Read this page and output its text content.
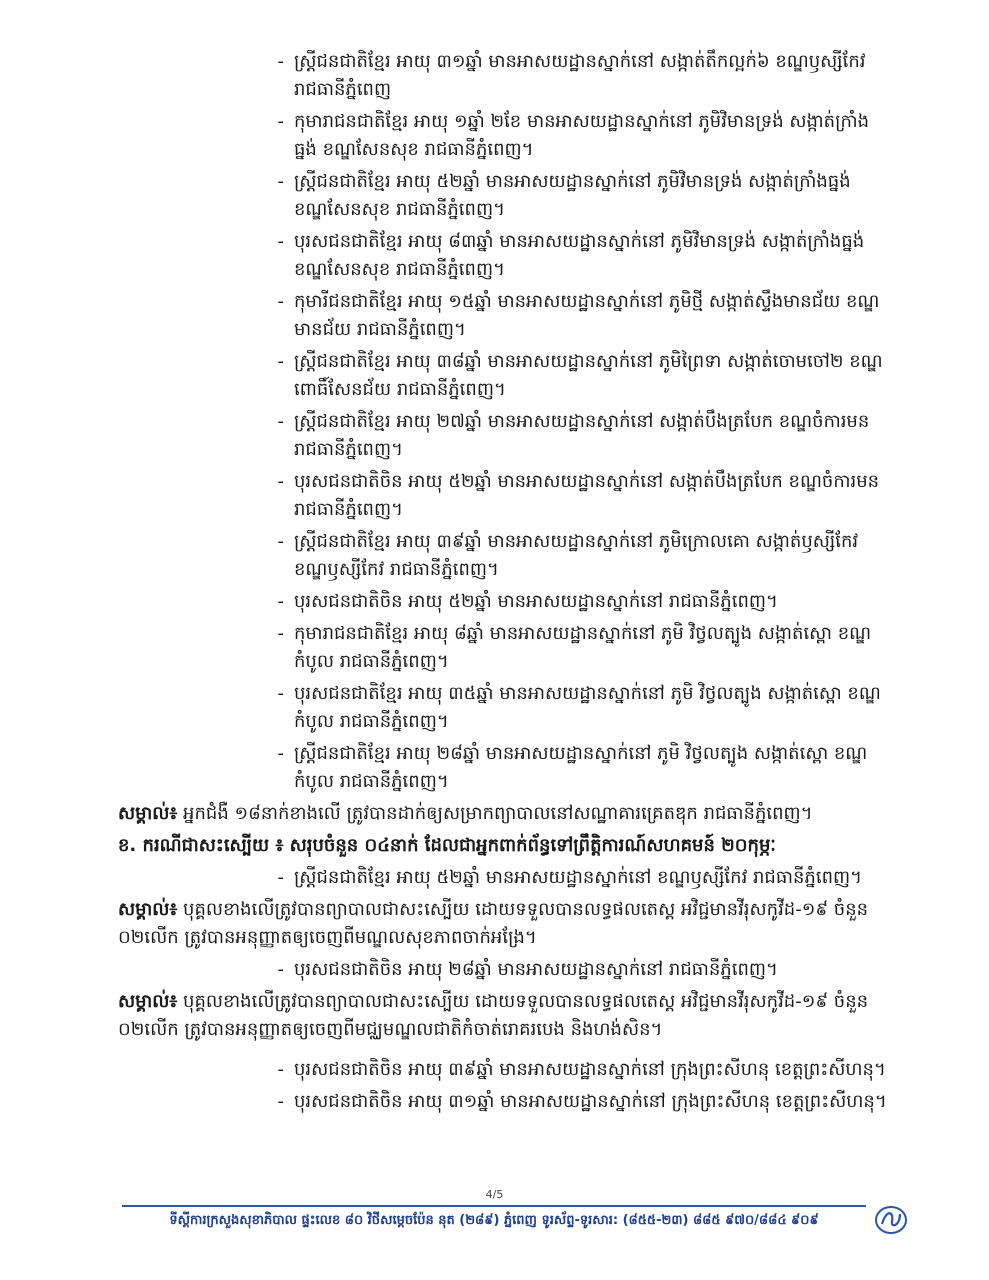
- ស្ត្រីជនជាតិខ្មែរ អាយុ ៣១ឆ្នាំ មានអាសយដ្ឋានស្នាក់នៅ សង្កាត់តឹកល្អក់៦ ខណ្ឌឫស្សីកែវ រាជធានីភ្នំពេញ
- កុមារាជនជាតិខ្មែរ អាយុ ១ឆ្នាំ ២ខែ មានអាសយដ្ឋានស្នាក់នៅ ភូមិវិមានទ្រង់ សង្កាត់ក្រាំងធ្នង់ ខណ្ឌសែនសុខ រាជធានីភ្នំពេញ។
- ស្ត្រីជនជាតិខ្មែរ អាយុ ៥២ឆ្នាំ មានអាសយដ្ឋានស្នាក់នៅ ភូមិវិមានទ្រង់ សង្កាត់ក្រាំងធ្នង់ ខណ្ឌសែនសុខ រាជធានីភ្នំពេញ។
- បុរសជនជាតិខ្មែរ អាយុ ៨៣ឆ្នាំ មានអាសយដ្ឋានស្នាក់នៅ ភូមិវិមានទ្រង់ សង្កាត់ក្រាំងធ្នង់ ខណ្ឌសែនសុខ រាជធានីភ្នំពេញ។
- កុមារីជនជាតិខ្មែរ អាយុ ១៥ឆ្នាំ មានអាសយដ្ឋានស្នាក់នៅ ភូមិថ្មី សង្កាត់ស្ទឹងមានជ័យ ខណ្ឌមានជ័យ រាជធានីភ្នំពេញ។
- ស្ត្រីជនជាតិខ្មែរ អាយុ ៣៨ឆ្នាំ មានអាសយដ្ឋានស្នាក់នៅ ភូមិព្រៃទា សង្កាត់ចោមចៅ២ ខណ្ឌពោធិ៍សែនជ័យ រាជធានីភ្នំពេញ។
- ស្ត្រីជនជាតិខ្មែរ អាយុ ២៧ឆ្នាំ មានអាសយដ្ឋានស្នាក់នៅ សង្កាត់បឹងត្របែក ខណ្ឌចំការមន រាជធានីភ្នំពេញ។
- បុរសជនជាតិចិន អាយុ ៥២ឆ្នាំ មានអាសយដ្ឋានស្នាក់នៅ សង្កាត់បឹងត្របែក ខណ្ឌចំការមន រាជធានីភ្នំពេញ។
- ស្ត្រីជនជាតិខ្មែរ អាយុ ៣៩ឆ្នាំ មានអាសយដ្ឋានស្នាក់នៅ ភូមិក្រោលគោ សង្កាត់ឫស្សីកែវ ខណ្ឌឫស្សីកែវ រាជធានីភ្នំពេញ។
- បុរសជនជាតិចិន អាយុ ៥២ឆ្នាំ មានអាសយដ្ឋានស្នាក់នៅ រាជធានីភ្នំពេញ។
- កុមារាជនជាតិខ្មែរ អាយុ ៨ឆ្នាំ មានអាសយដ្ឋានស្នាក់នៅ ភូមិ វិថ្វលត្បូង សង្កាត់ស្ពោ ខណ្ឌកំបូល រាជធានីភ្នំពេញ។
- បុរសជនជាតិខ្មែរ អាយុ ៣៥ឆ្នាំ មានអាសយដ្ឋានស្នាក់នៅ ភូមិ វិថ្វលត្បូង សង្កាត់ស្ពោ ខណ្ឌកំបូល រាជធានីភ្នំពេញ។
- ស្ត្រីជនជាតិខ្មែរ អាយុ ២៨ឆ្នាំ មានអាសយដ្ឋានស្នាក់នៅ ភូមិ វិថ្វលត្បូង សង្កាត់ស្ពោ ខណ្ឌកំបូល រាជធានីភ្នំពេញ។

សម្គាល់៖ អ្នកជំងឺ ១៨នាក់ខាងលើ ត្រូវបានដាក់ឲ្យសម្រាកព្យាបាលនៅសណ្ឋាគារគ្រេតឌុក រាជធានីភ្នំពេញ។

ខ. ករណីជាសះស្បើយ ៖ សរុបចំនួន ០៤នាក់ ដែលជាអ្នកពាក់ព័ន្ធទៅព្រឹត្តិការណ៍សហគមន៍ ២០កុម្ភៈ

- ស្ត្រីជនជាតិខ្មែរ អាយុ ៥២ឆ្នាំ មានអាសយដ្ឋានស្នាក់នៅ ខណ្ឌឫស្សីកែវ រាជធានីភ្នំពេញ។

សម្គាល់៖ បុគ្គលខាងលើត្រូវបានព្យាបាលជាសះស្បើយ ដោយទទួលបានលទ្ធផលតេស្ត អវិជ្ជមានវីរុសកូវីដ-១៩ ចំនួន ០២លើក ត្រូវបានអនុញ្ញាតឲ្យចេញពីមណ្ឌលសុខភាពចាក់អង្រែ។

- បុរសជនជាតិចិន អាយុ ២៨ឆ្នាំ មានអាសយដ្ឋានស្នាក់នៅ រាជធានីភ្នំពេញ។

សម្គាល់៖ បុគ្គលខាងលើត្រូវបានព្យាបាលជាសះស្បើយ ដោយទទួលបានលទ្ធផលតេស្ត អវិជ្ជមានវីរុសកូវីដ-១៩ ចំនួន ០២លើក ត្រូវបានអនុញ្ញាតឲ្យចេញពីមជ្ឈមណ្ឌលជាតិកំចាត់រោគរបេង និងហង់សិន។

- បុរសជនជាតិចិន អាយុ ៣៩ឆ្នាំ មានអាសយដ្ឋានស្នាក់នៅ ក្រុងព្រះសីហនុ ខេត្តព្រះសីហនុ។
- បុរសជនជាតិចិន អាយុ ៣១ឆ្នាំ មានអាសយដ្ឋានស្នាក់នៅ ក្រុងព្រះសីហនុ ខេត្តព្រះសីហនុ។
4/5
ទីស្តីការក្រសួងសុខាភិបាល ផ្ទះលេខ ៨០ វិថីសម្តេចប៉ែន នុត (២៨៩) ភ្នំពេញ ទូរស័ព្ទ-ទូរសារ: (៨៥៥-២៣) ៨៨៥ ៩៧០/៨៨៤ ៩០៩
